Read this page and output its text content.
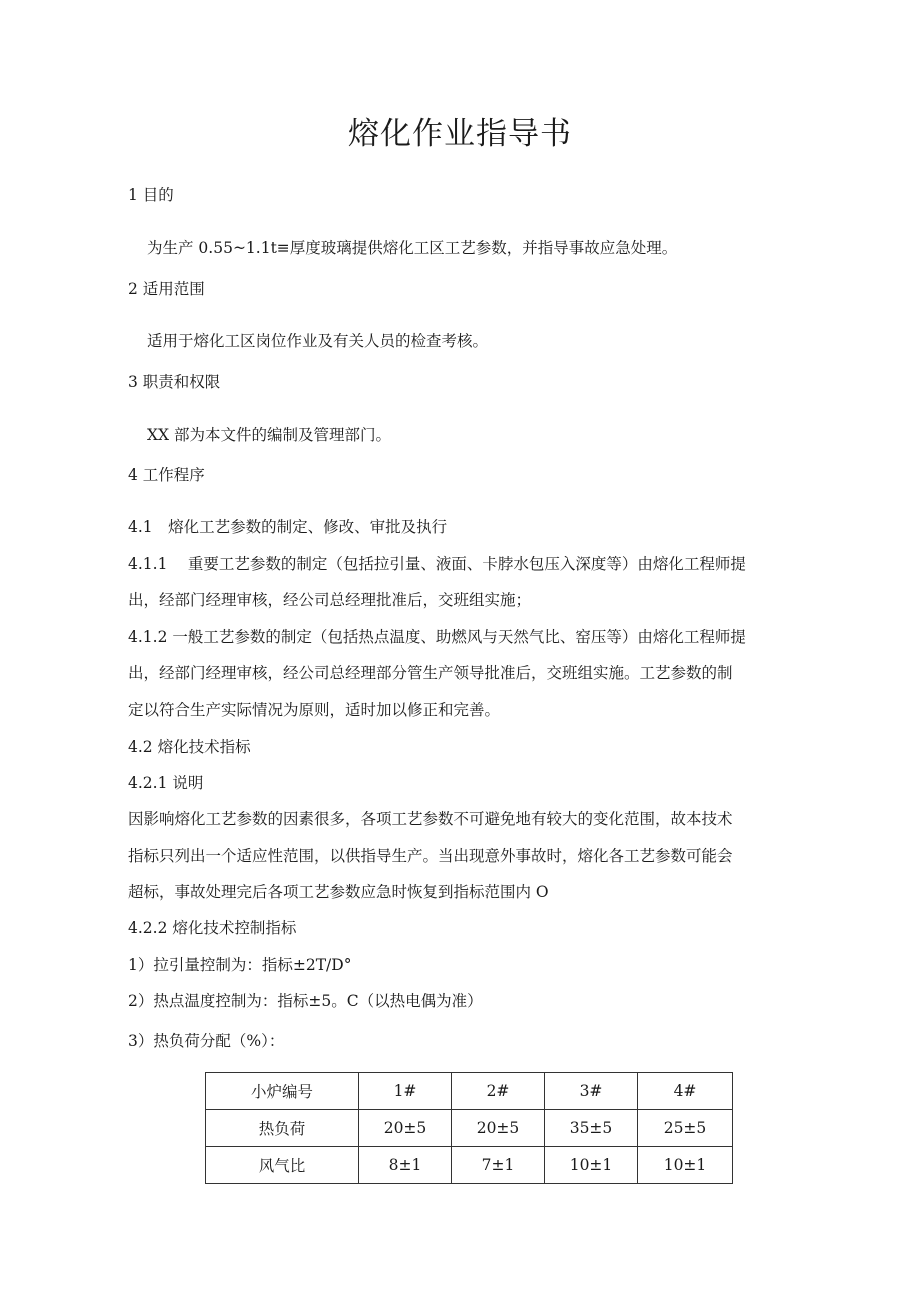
熔化作业指导书
1 目的
为生产 0.55~1.1t≡厚度玻璃提供熔化工区工艺参数，并指导事故应急处理。
2 适用范围
适用于熔化工区岗位作业及有关人员的检查考核。
3 职责和权限
XX 部为本文件的编制及管理部门。
4 工作程序
4.1　熔化工艺参数的制定、修改、审批及执行
4.1.1　 重要工艺参数的制定（包括拉引量、液面、卡脖水包压入深度等）由熔化工程师提
出，经部门经理审核，经公司总经理批准后，交班组实施；
4.1.2 一般工艺参数的制定（包括热点温度、助燃风与天然气比、窑压等）由熔化工程师提
出，经部门经理审核，经公司总经理部分管生产领导批准后，交班组实施。工艺参数的制
定以符合生产实际情况为原则，适时加以修正和完善。
4.2 熔化技术指标
4.2.1 说明
因影响熔化工艺参数的因素很多，各项工艺参数不可避免地有较大的变化范围，故本技术
指标只列出一个适应性范围，以供指导生产。当出现意外事故时，熔化各工艺参数可能会
超标，事故处理完后各项工艺参数应急时恢复到指标范围内 O
4.2.2 熔化技术控制指标
1）拉引量控制为：指标±2T/D°
2）热点温度控制为：指标±5。C（以热电偶为准）
3）热负荷分配（%）：
小炉编号	1#	2#	3#	4#
热负荷	20±5	20±5	35±5	25±5
风气比	8±1	7±1	10±1	10±1
